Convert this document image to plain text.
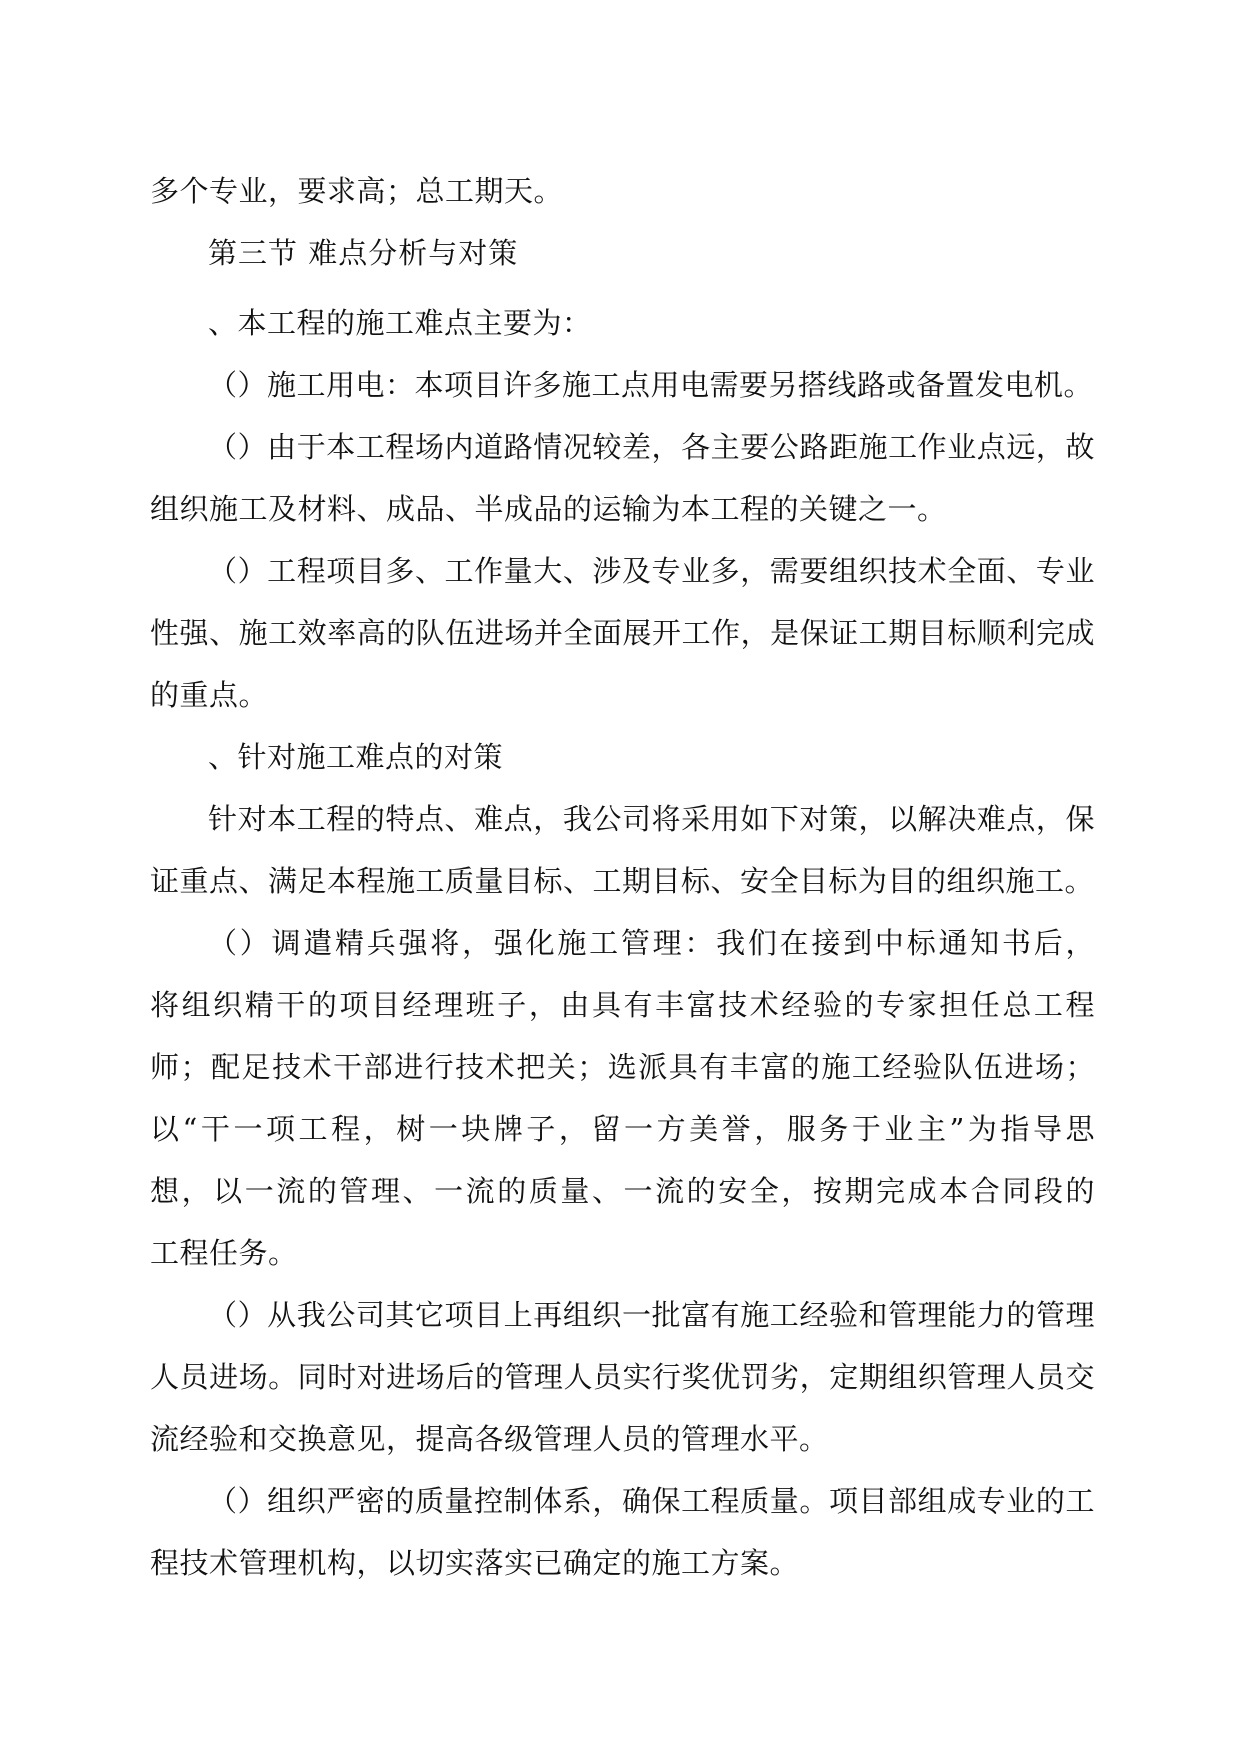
多个专业，要求高；总工期天。
第三节 难点分析与对策
、本工程的施工难点主要为：
（）施工用电：本项目许多施工点用电需要另搭线路或备置发电机。
（）由于本工程场内道路情况较差，各主要公路距施工作业点远，故
组织施工及材料、成品、半成品的运输为本工程的关键之一。
（）工程项目多、工作量大、涉及专业多，需要组织技术全面、专业
性强、施工效率高的队伍进场并全面展开工作，是保证工期目标顺利完成
的重点。
、针对施工难点的对策
针对本工程的特点、难点，我公司将采用如下对策，以解决难点，保
证重点、满足本程施工质量目标、工期目标、安全目标为目的组织施工。
（）调遣精兵强将，强化施工管理：我们在接到中标通知书后，
将组织精干的项目经理班子，由具有丰富技术经验的专家担任总工程
师；配足技术干部进行技术把关；选派具有丰富的施工经验队伍进场；
以“干一项工程，树一块牌子，留一方美誉，服务于业主”为指导思
想，以一流的管理、一流的质量、一流的安全，按期完成本合同段的
工程任务。
（）从我公司其它项目上再组织一批富有施工经验和管理能力的管理
人员进场。同时对进场后的管理人员实行奖优罚劣，定期组织管理人员交
流经验和交换意见，提高各级管理人员的管理水平。
（）组织严密的质量控制体系，确保工程质量。项目部组成专业的工
程技术管理机构，以切实落实已确定的施工方案。
